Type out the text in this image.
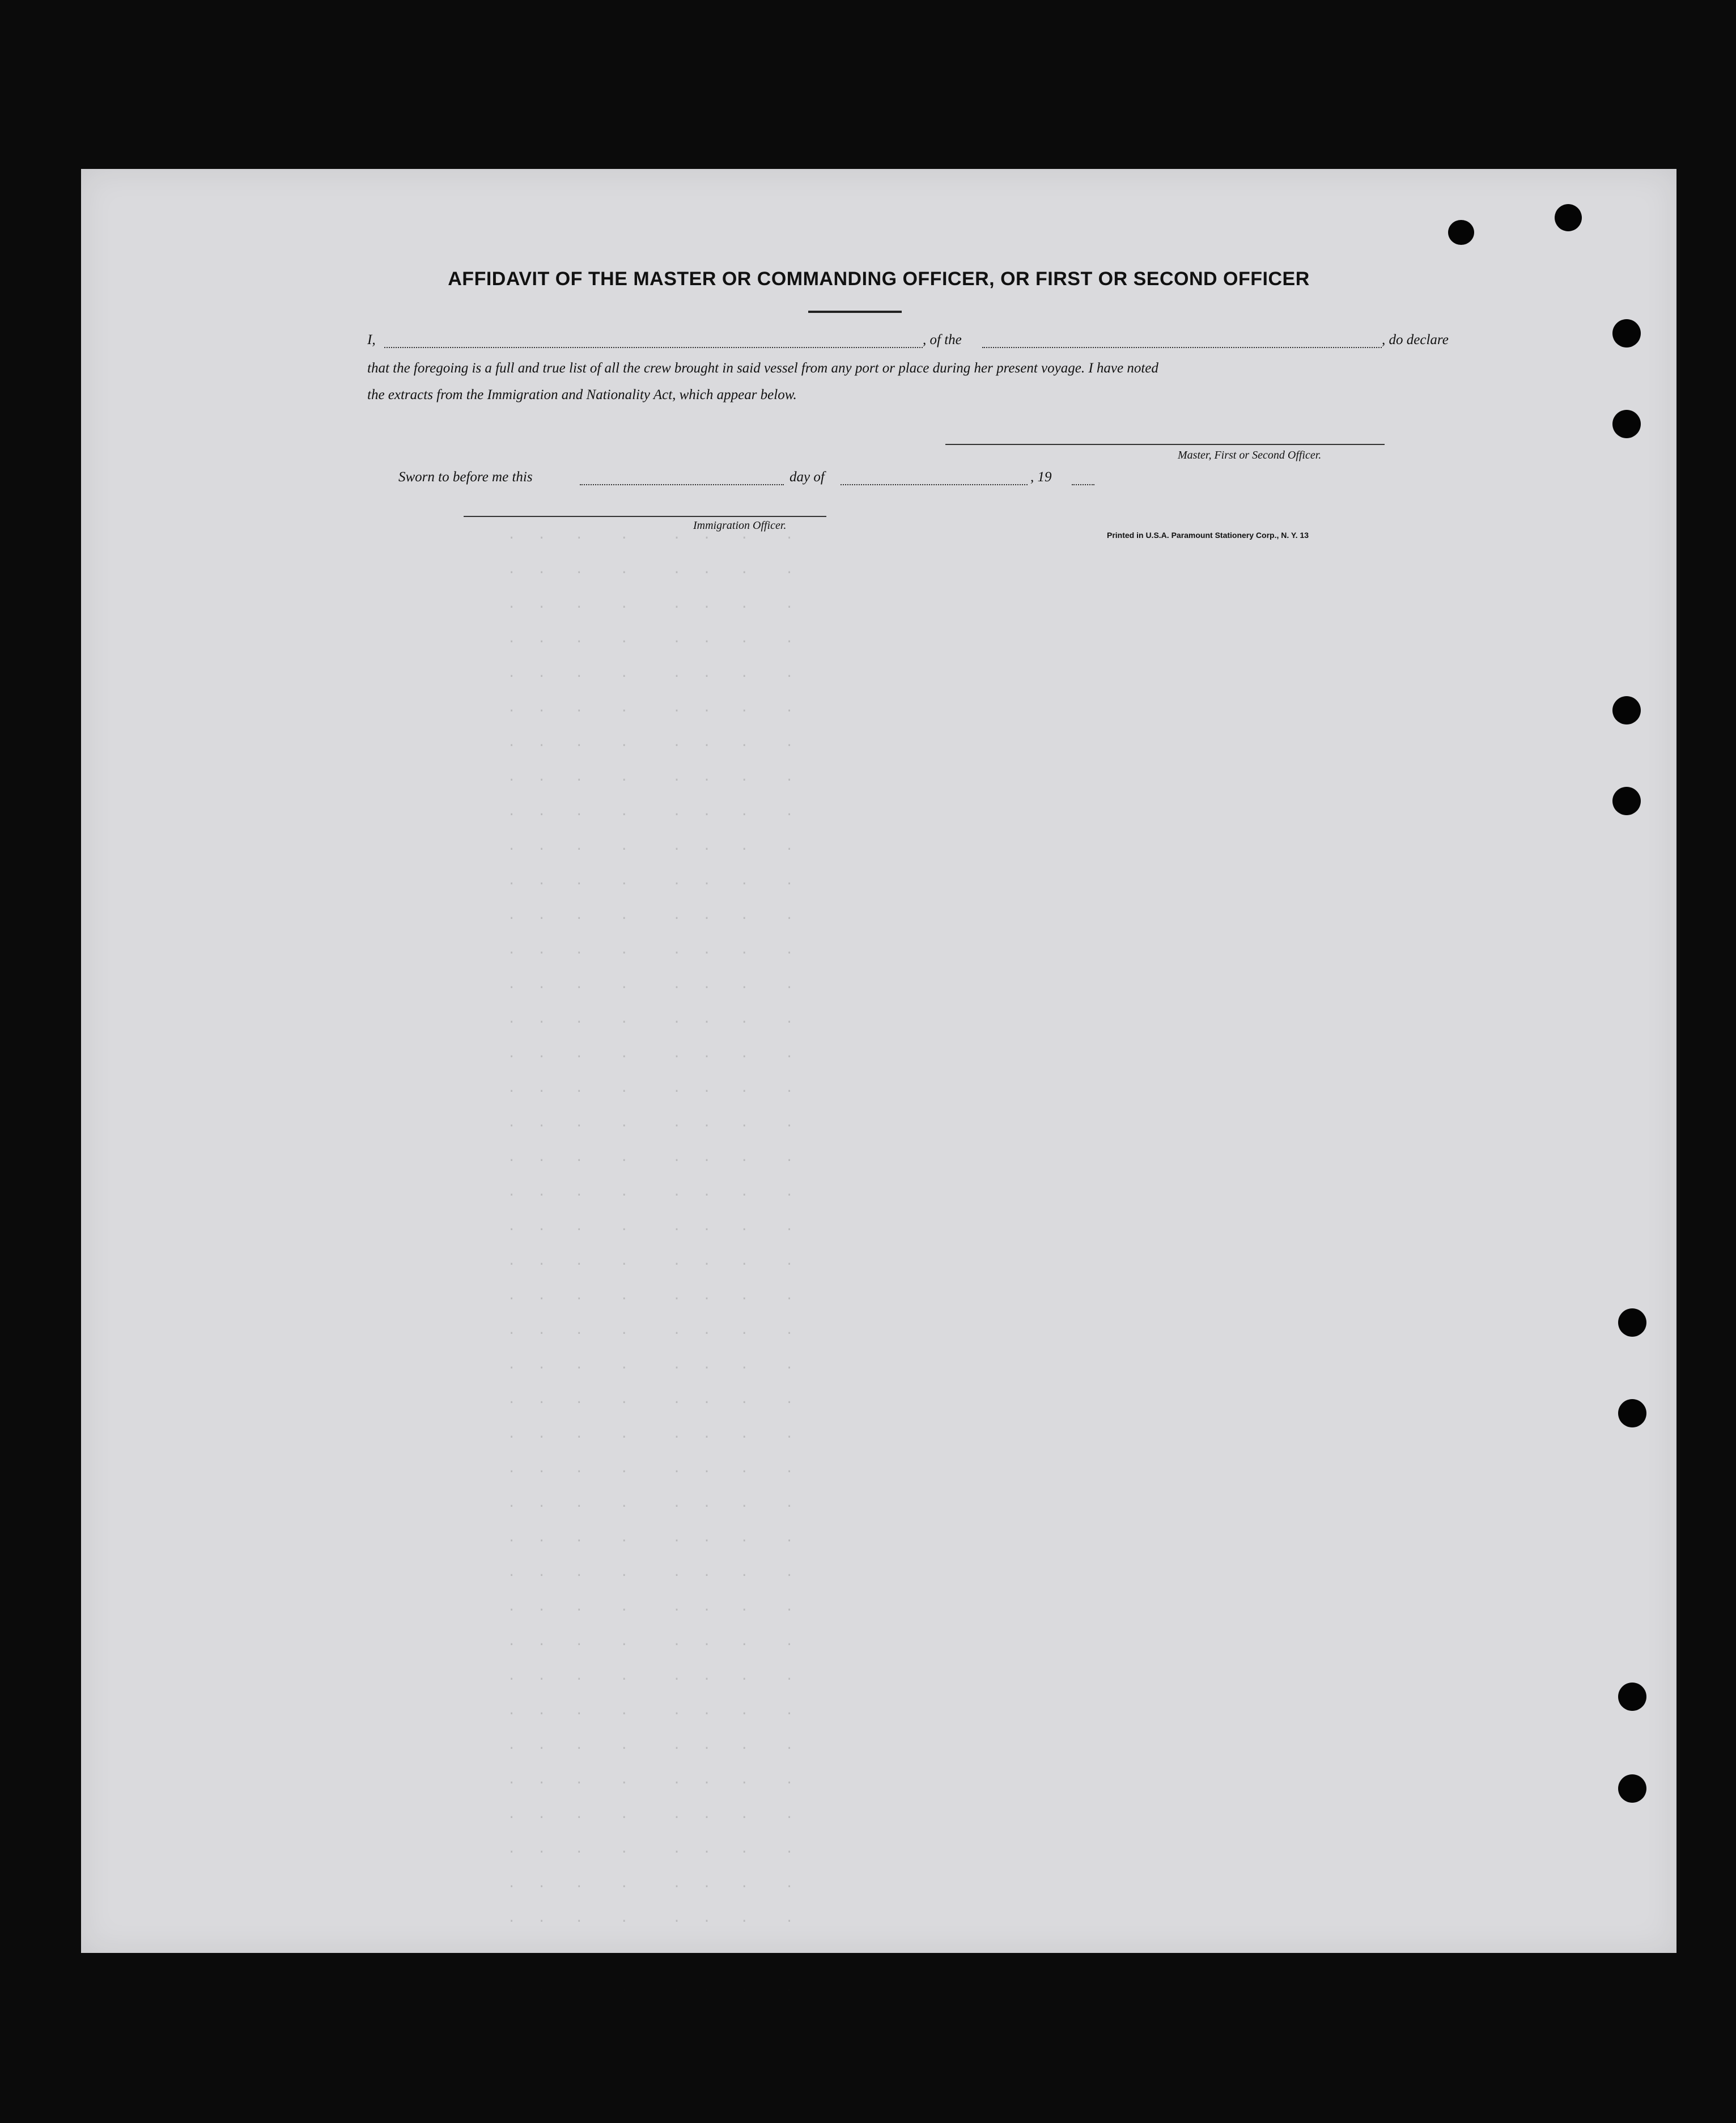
·   ·    ·     ·      ·   ·    ·     ·
·   ·    ·     ·      ·   ·    ·     ·
·   ·    ·     ·      ·   ·    ·     ·
·   ·    ·     ·      ·   ·    ·     ·
·   ·    ·     ·      ·   ·    ·     ·
·   ·    ·     ·      ·   ·    ·     ·
·   ·    ·     ·      ·   ·    ·     ·
·   ·    ·     ·      ·   ·    ·     ·
·   ·    ·     ·      ·   ·    ·     ·
·   ·    ·     ·      ·   ·    ·     ·
·   ·    ·     ·      ·   ·    ·     ·
·   ·    ·     ·      ·   ·    ·     ·
·   ·    ·     ·      ·   ·    ·     ·
·   ·    ·     ·      ·   ·    ·     ·
·   ·    ·     ·      ·   ·    ·     ·
·   ·    ·     ·      ·   ·    ·     ·
·   ·    ·     ·      ·   ·    ·     ·
·   ·    ·     ·      ·   ·    ·     ·
·   ·    ·     ·      ·   ·    ·     ·
·   ·    ·     ·      ·   ·    ·     ·
·   ·    ·     ·      ·   ·    ·     ·
·   ·    ·     ·      ·   ·    ·     ·
·   ·    ·     ·      ·   ·    ·     ·
·   ·    ·     ·      ·   ·    ·     ·
·   ·    ·     ·      ·   ·    ·     ·
·   ·    ·     ·      ·   ·    ·     ·
·   ·    ·     ·      ·   ·    ·     ·
·   ·    ·     ·      ·   ·    ·     ·
·   ·    ·     ·      ·   ·    ·     ·
·   ·    ·     ·      ·   ·    ·     ·
·   ·    ·     ·      ·   ·    ·     ·
·   ·    ·     ·      ·   ·    ·     ·
·   ·    ·     ·      ·   ·    ·     ·
·   ·    ·     ·      ·   ·    ·     ·
·   ·    ·     ·      ·   ·    ·     ·
·   ·    ·     ·      ·   ·    ·     ·
·   ·    ·     ·      ·   ·    ·     ·
·   ·    ·     ·      ·   ·    ·     ·
·   ·    ·     ·      ·   ·    ·     ·
·   ·    ·     ·      ·   ·    ·     ·
·   ·    ·     ·      ·   ·    ·     ·
·   ·    ·     ·      ·   ·    ·     ·
·   ·    ·     ·      ·   ·    ·     ·

AFFIDAVIT OF THE MASTER OR COMMANDING OFFICER, OR FIRST OR SECOND OFFICER
I,	, of the	, do declare
that the foregoing is a full and true list of all the crew brought in said vessel from any port or place during her present voyage. I have noted
the extracts from the Immigration and Nationality Act, which appear below.
Master, First or Second Officer.
Sworn to before me this	day of	, 19
Immigration Officer.
Printed in U.S.A. Paramount Stationery Corp., N. Y. 13
